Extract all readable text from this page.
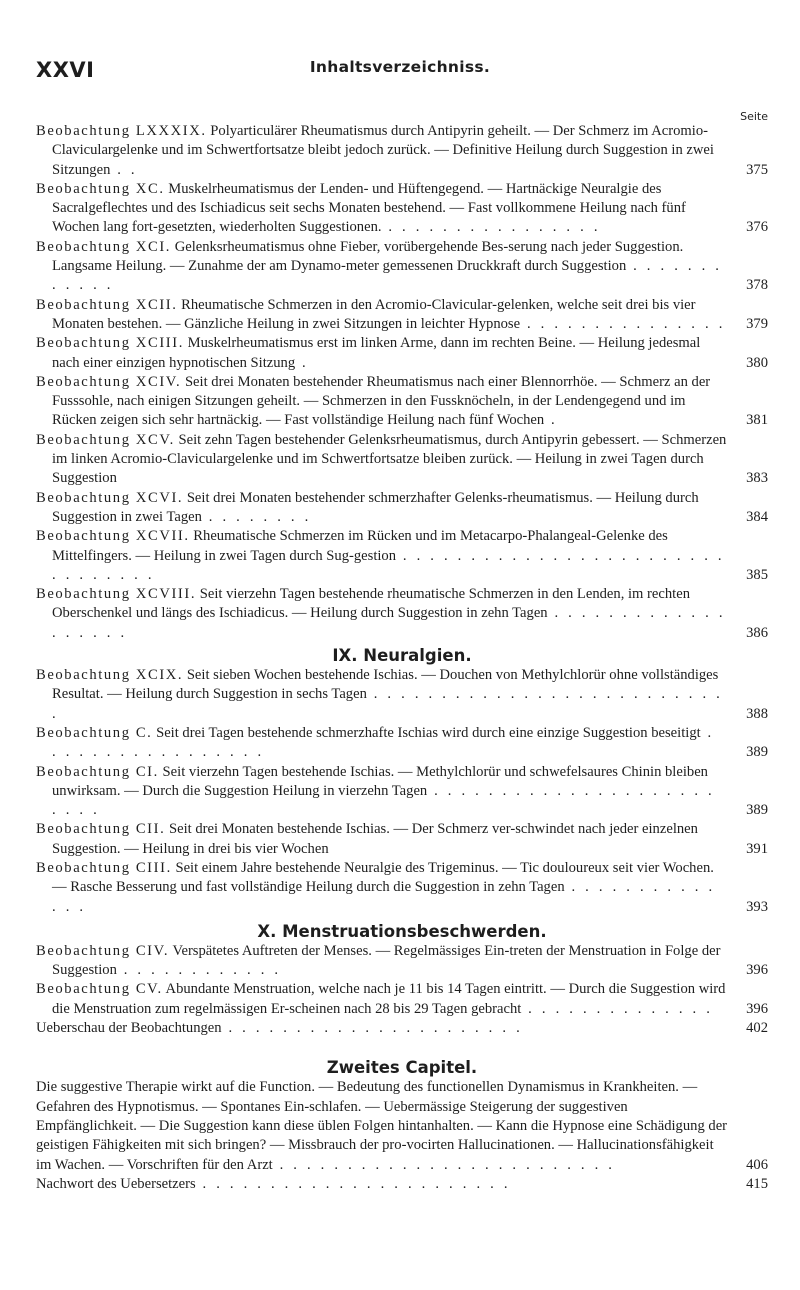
XXVI	Inhaltsverzeichniss.
Seite
Beobachtung LXXXIX. Polyarticulärer Rheumatismus durch Antipyrin geheilt. — Der Schmerz im Acromio-Claviculargelenke und im Schwertfortsatze bleibt jedoch zurück. — Definitive Heilung durch Suggestion in zwei Sitzungen . .	375
Beobachtung XC. Muskelrheumatismus der Lenden- und Hüftengegend. — Hartnäckige Neuralgie des Sacralgeflechtes und des Ischiadicus seit sechs Monaten bestehend. — Fast vollkommene Heilung nach fünf Wochen lang fort-gesetzten, wiederholten Suggestionen. . . . . . . . . . . . . . . . .	376
Beobachtung XCI. Gelenksrheumatismus ohne Fieber, vorübergehende Bes-serung nach jeder Suggestion. Langsame Heilung. — Zunahme der am Dynamo-meter gemessenen Druckkraft durch Suggestion . . . . . . . . . . . .	378
Beobachtung XCII. Rheumatische Schmerzen in den Acromio-Clavicular-gelenken, welche seit drei bis vier Monaten bestehen. — Gänzliche Heilung in zwei Sitzungen in leichter Hypnose . . . . . . . . . . . . . . . 379
Beobachtung XCIII. Muskelrheumatismus erst im linken Arme, dann im rechten Beine. — Heilung jedesmal nach einer einzigen hypnotischen Sitzung .	380
Beobachtung XCIV. Seit drei Monaten bestehender Rheumatismus nach einer Blennorrhöe. — Schmerz an der Fusssohle, nach einigen Sitzungen geheilt. — Schmerzen in den Fussknöcheln, in der Lendengegend und im Rücken zeigen sich sehr hartnäckig. — Fast vollständige Heilung nach fünf Wochen .	381
Beobachtung XCV. Seit zehn Tagen bestehender Gelenksrheumatismus, durch Antipyrin gebessert. — Schmerzen im linken Acromio-Claviculargelenke und im Schwertfortsatze bleiben zurück. — Heilung in zwei Tagen durch Suggestion	383
Beobachtung XCVI. Seit drei Monaten bestehender schmerzhafter Gelenks-rheumatismus. — Heilung durch Suggestion in zwei Tagen . . . . . . . .	384
Beobachtung XCVII. Rheumatische Schmerzen im Rücken und im Metacarpo-Phalangeal-Gelenke des Mittelfingers. — Heilung in zwei Tagen durch Sug-gestion . . . . . . . . . . . . . . . . . . . . . . . . . . . . . . . .	385
Beobachtung XCVIII. Seit vierzehn Tagen bestehende rheumatische Schmerzen in den Lenden, im rechten Oberschenkel und längs des Ischiadicus. — Heilung durch Suggestion in zehn Tagen . . . . . . . . . . . . . . . . . . .	386
IX. Neuralgien.
Beobachtung XCIX. Seit sieben Wochen bestehende Ischias. — Douchen von Methylchlorür ohne vollständiges Resultat. — Heilung durch Suggestion in sechs Tagen . . . . . . . . . . . . . . . . . . . . . . . . . . .	388
Beobachtung C. Seit drei Tagen bestehende schmerzhafte Ischias wird durch eine einzige Suggestion beseitigt . . . . . . . . . . . . . . . . .	389
Beobachtung CI. Seit vierzehn Tagen bestehende Ischias. — Methylchlorür und schwefelsaures Chinin bleiben unwirksam. — Durch die Suggestion Heilung in vierzehn Tagen . . . . . . . . . . . . . . . . . . . . . . . . .	389
Beobachtung CII. Seit drei Monaten bestehende Ischias. — Der Schmerz ver-schwindet nach jeder einzelnen Suggestion. — Heilung in drei bis vier Wochen	391
Beobachtung CIII. Seit einem Jahre bestehende Neuralgie des Trigeminus. — Tic douloureux seit vier Wochen. — Rasche Besserung und fast vollständige Heilung durch die Suggestion in zehn Tagen . . . . . . . . . . . . . .	393
X. Menstruationsbeschwerden.
Beobachtung CIV. Verspätetes Auftreten der Menses. — Regelmässiges Ein-treten der Menstruation in Folge der Suggestion . . . . . . . . . . . .	396
Beobachtung CV. Abundante Menstruation, welche nach je 11 bis 14 Tagen eintritt. — Durch die Suggestion wird die Menstruation zum regelmässigen Er-scheinen nach 28 bis 29 Tagen gebracht . . . . . . . . . . . . . . 396
Ueberschau der Beobachtungen . . . . . . . . . . . . . . . . . . . . . .	402
Zweites Capitel.
Die suggestive Therapie wirkt auf die Function. — Bedeutung des functionellen Dynamismus in Krankheiten. — Gefahren des Hypnotismus. — Spontanes Ein-schlafen. — Uebermässige Steigerung der suggestiven Empfänglichkeit. — Die Suggestion kann diese üblen Folgen hintanhalten. — Kann die Hypnose eine Schädigung der geistigen Fähigkeiten mit sich bringen? — Missbrauch der pro-vocirten Hallucinationen. — Hallucinationsfähigkeit im Wachen. — Vorschriften für den Arzt . . . . . . . . . . . . . . . . . . . . . . . . .	406
Nachwort des Uebersetzers . . . . . . . . . . . . . . . . . . . . . . .	415
